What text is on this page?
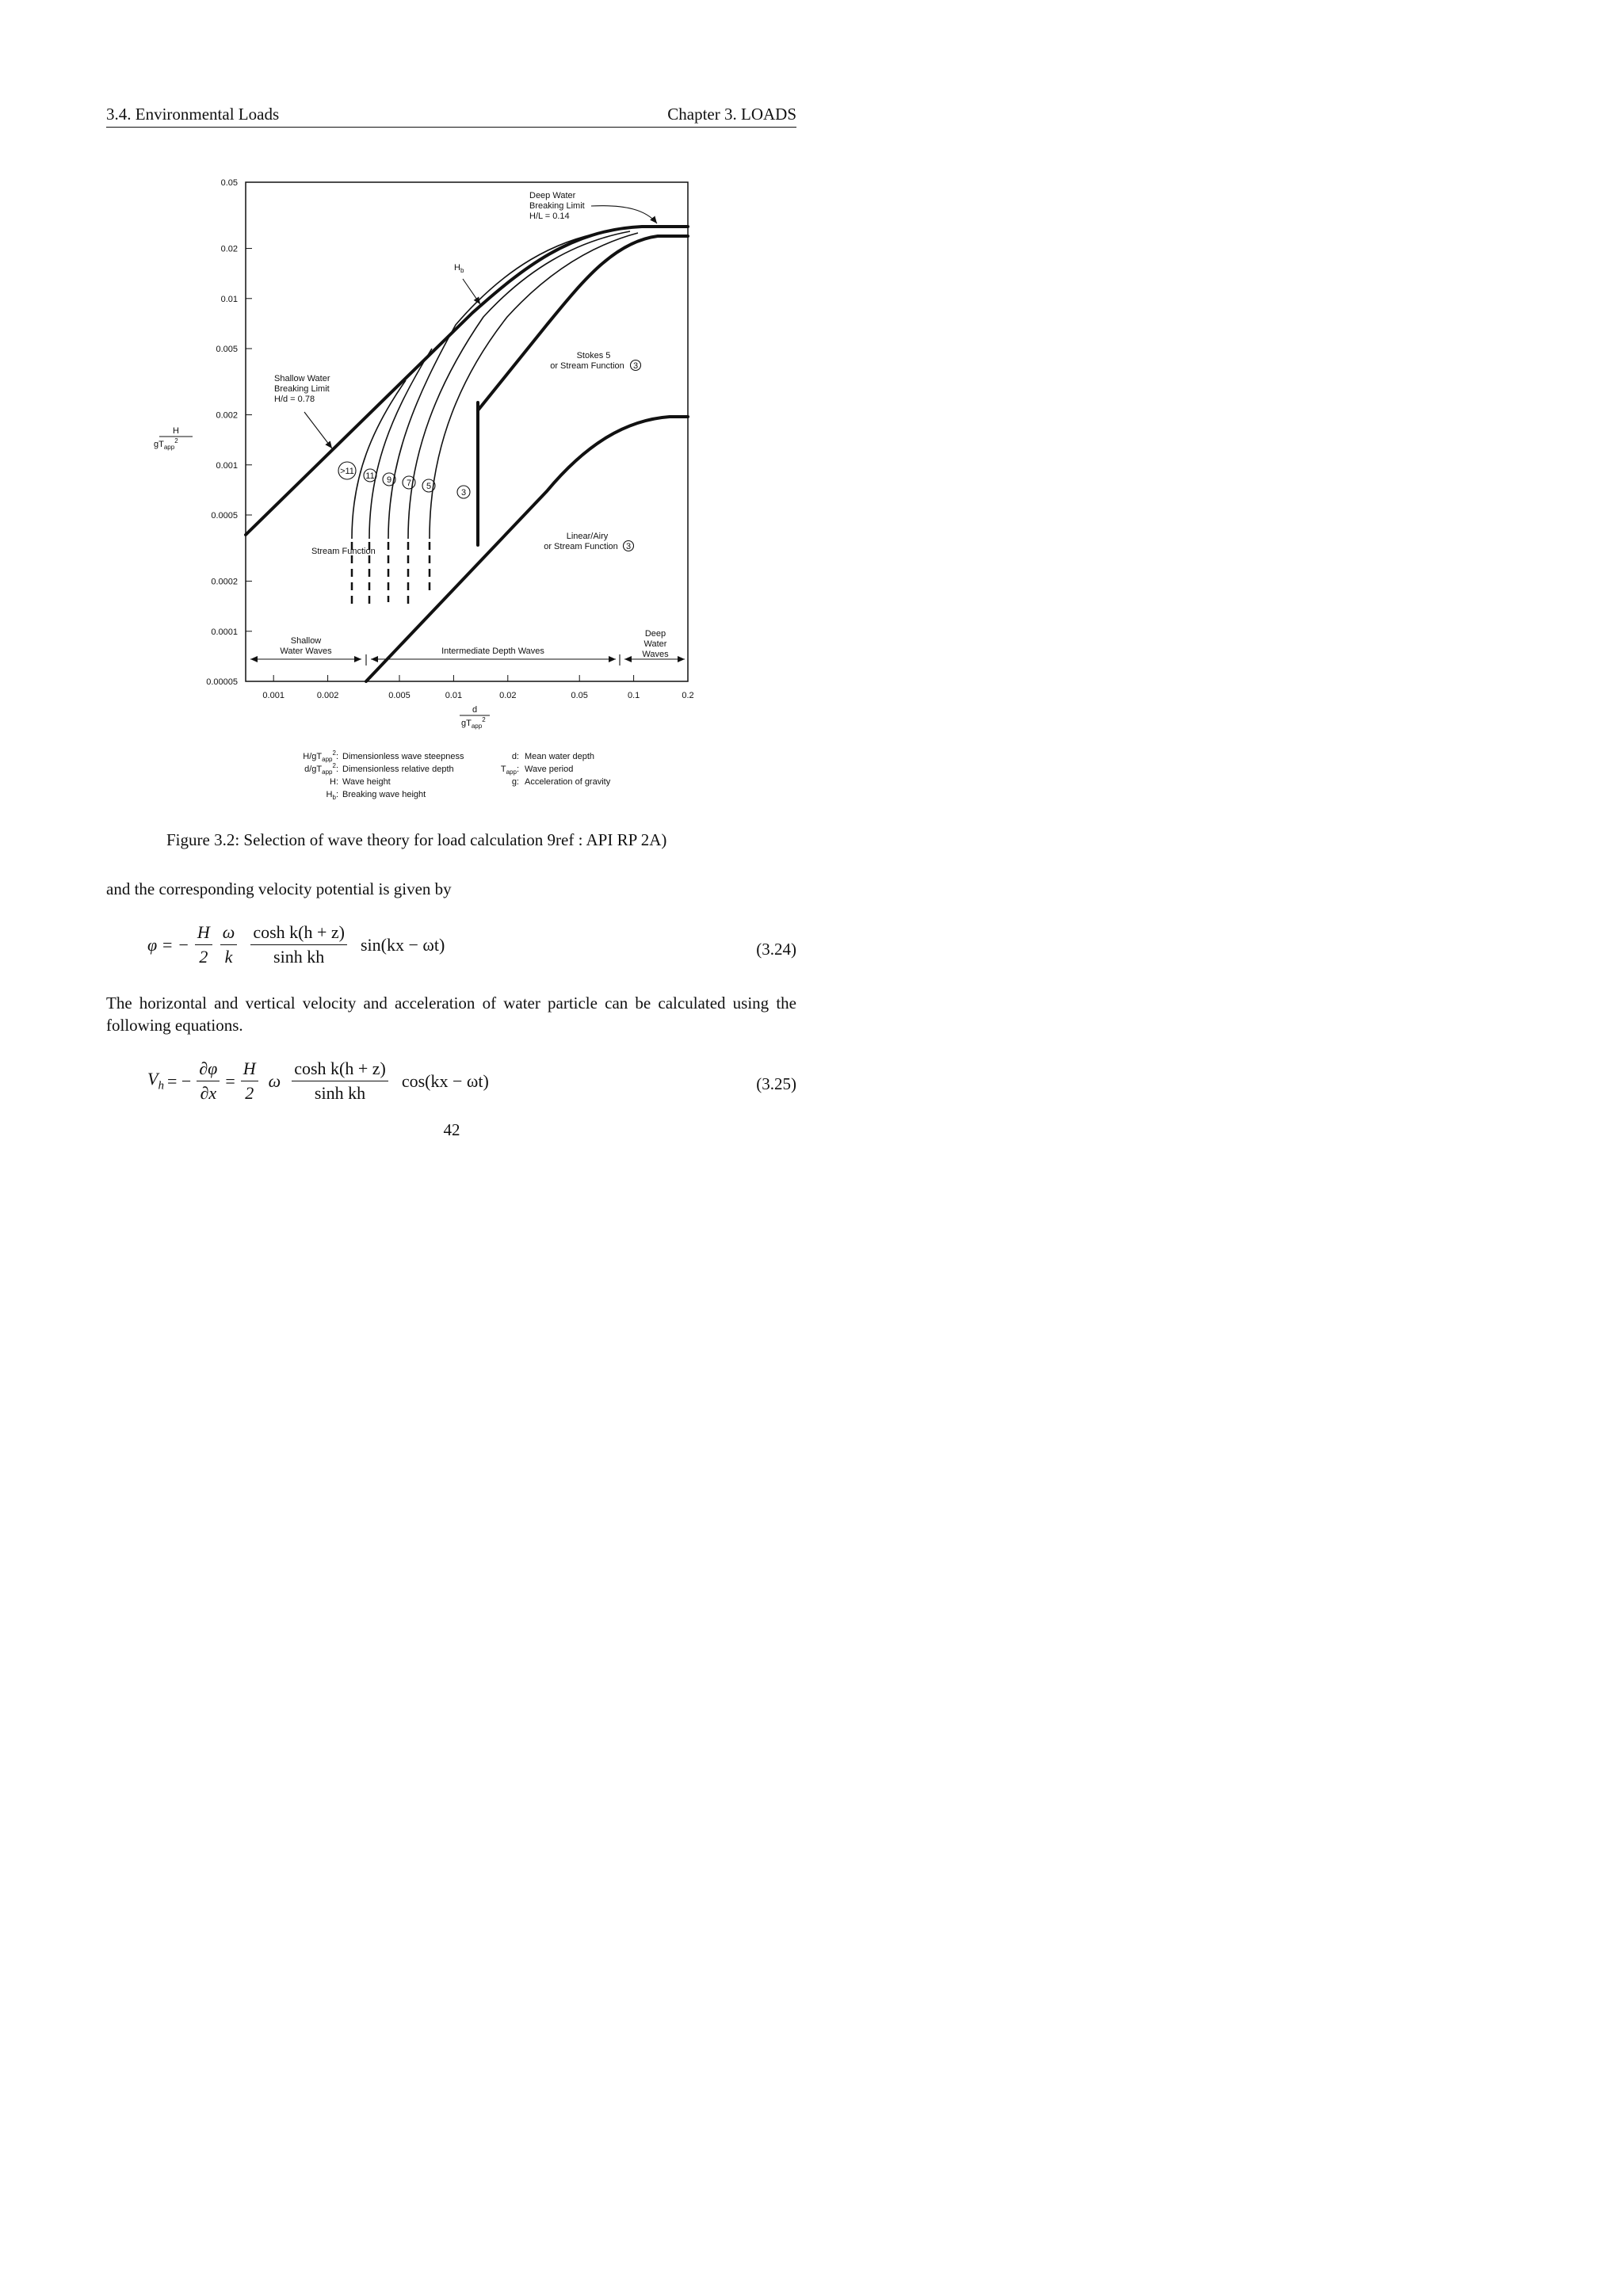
3.4. Environmental Loads	Chapter 3. LOADS
0.05
0.02
0.01
0.005
0.002
0.001
0.0005
0.0002
0.0001
0.00005
0.001	0.002	0.005	0.01	0.02	0.05	0.1	0.2
H
$gT_{app}^2$
d
$gT_{app}^2$
Deep Water
Breaking Limit
H/L = 0.14
$H_b$
Shallow Water
Breaking Limit
H/d = 0.78
Stokes 5
or Stream Function 3
Linear/Airy
or Stream Function 3
Stream Function
>11 11 9 7 5
3
Shallow
Water Waves	Intermediate Depth Waves
Deep
Water
Waves
$H/gT_{app}^2$: Dimensionless wave steepness
$d/gT_{app}^2$: Dimensionless relative depth
H: Wave height
$H_b$: Breaking wave height
d: Mean water depth
$T_{app}$: Wave period
g: Acceleration of gravity
Figure 3.2: Selection of wave theory for load calculation 9ref : API RP 2A)
and the corresponding velocity potential is given by
φ = − $\frac{H}{2} \frac{\omega}{k} \frac{\text{cosh k(h + z)}}{\text{sinh kh}} \sin(kx - \omega t)$	(3.24)
The horizontal and vertical velocity and acceleration of water particle can be calculated using the following equations.
$V_h$ = − $\frac{\partial\varphi}{\partial x} = \frac{H}{2}$ ω $\frac{\text{cosh k(h + z)}}{\text{sinh kh}} \cos(kx - \omega t)$	(3.25)
42
